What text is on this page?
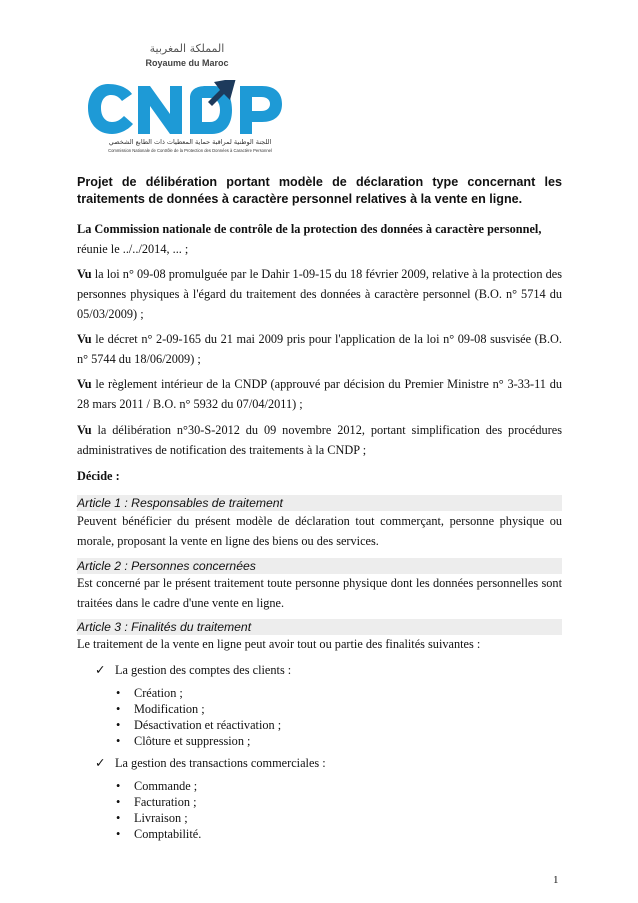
المملكة المغربية
Royaume du Maroc
اللجنة الوطنية لمراقبة حماية المعطيات ذات الطابع الشخصي
Commission Nationale de Contrôle de la Protection des Données à Caractère Personnel
Projet de délibération portant modèle de déclaration type concernant les traitements de données à caractère personnel relatives à la vente en ligne.
La Commission nationale de contrôle de la protection des données à caractère personnel,
réunie le ../../2014, ... ;
Vu la loi n° 09-08 promulguée par le Dahir 1-09-15 du 18 février 2009, relative à la protection des personnes physiques à l'égard du traitement des données à caractère personnel (B.O. n° 5714 du 05/03/2009) ;
Vu le décret n° 2-09-165 du 21 mai 2009 pris pour l'application de la loi n° 09-08 susvisée (B.O. n° 5744 du 18/06/2009) ;
Vu le règlement intérieur de la CNDP (approuvé par décision du Premier Ministre n° 3-33-11 du 28 mars 2011 / B.O. n° 5932 du 07/04/2011) ;
Vu la délibération n°30-S-2012 du 09 novembre 2012, portant simplification des procédures administratives de notification des traitements à la CNDP ;
Décide :
Article 1 : Responsables de traitement
Peuvent bénéficier du présent modèle de déclaration tout commerçant, personne physique ou morale, proposant la vente en ligne des biens ou des services.
Article 2 : Personnes concernées
Est concerné par le présent traitement toute personne physique dont les données personnelles sont traitées dans le cadre d'une vente en ligne.
Article 3 : Finalités du traitement
Le traitement de la vente en ligne peut avoir tout ou partie des finalités suivantes :
✓ La gestion des comptes des clients :
• Création ;
• Modification ;
• Désactivation et réactivation ;
• Clôture et suppression ;
✓ La gestion des transactions commerciales :
• Commande ;
• Facturation ;
• Livraison ;
• Comptabilité.
1
